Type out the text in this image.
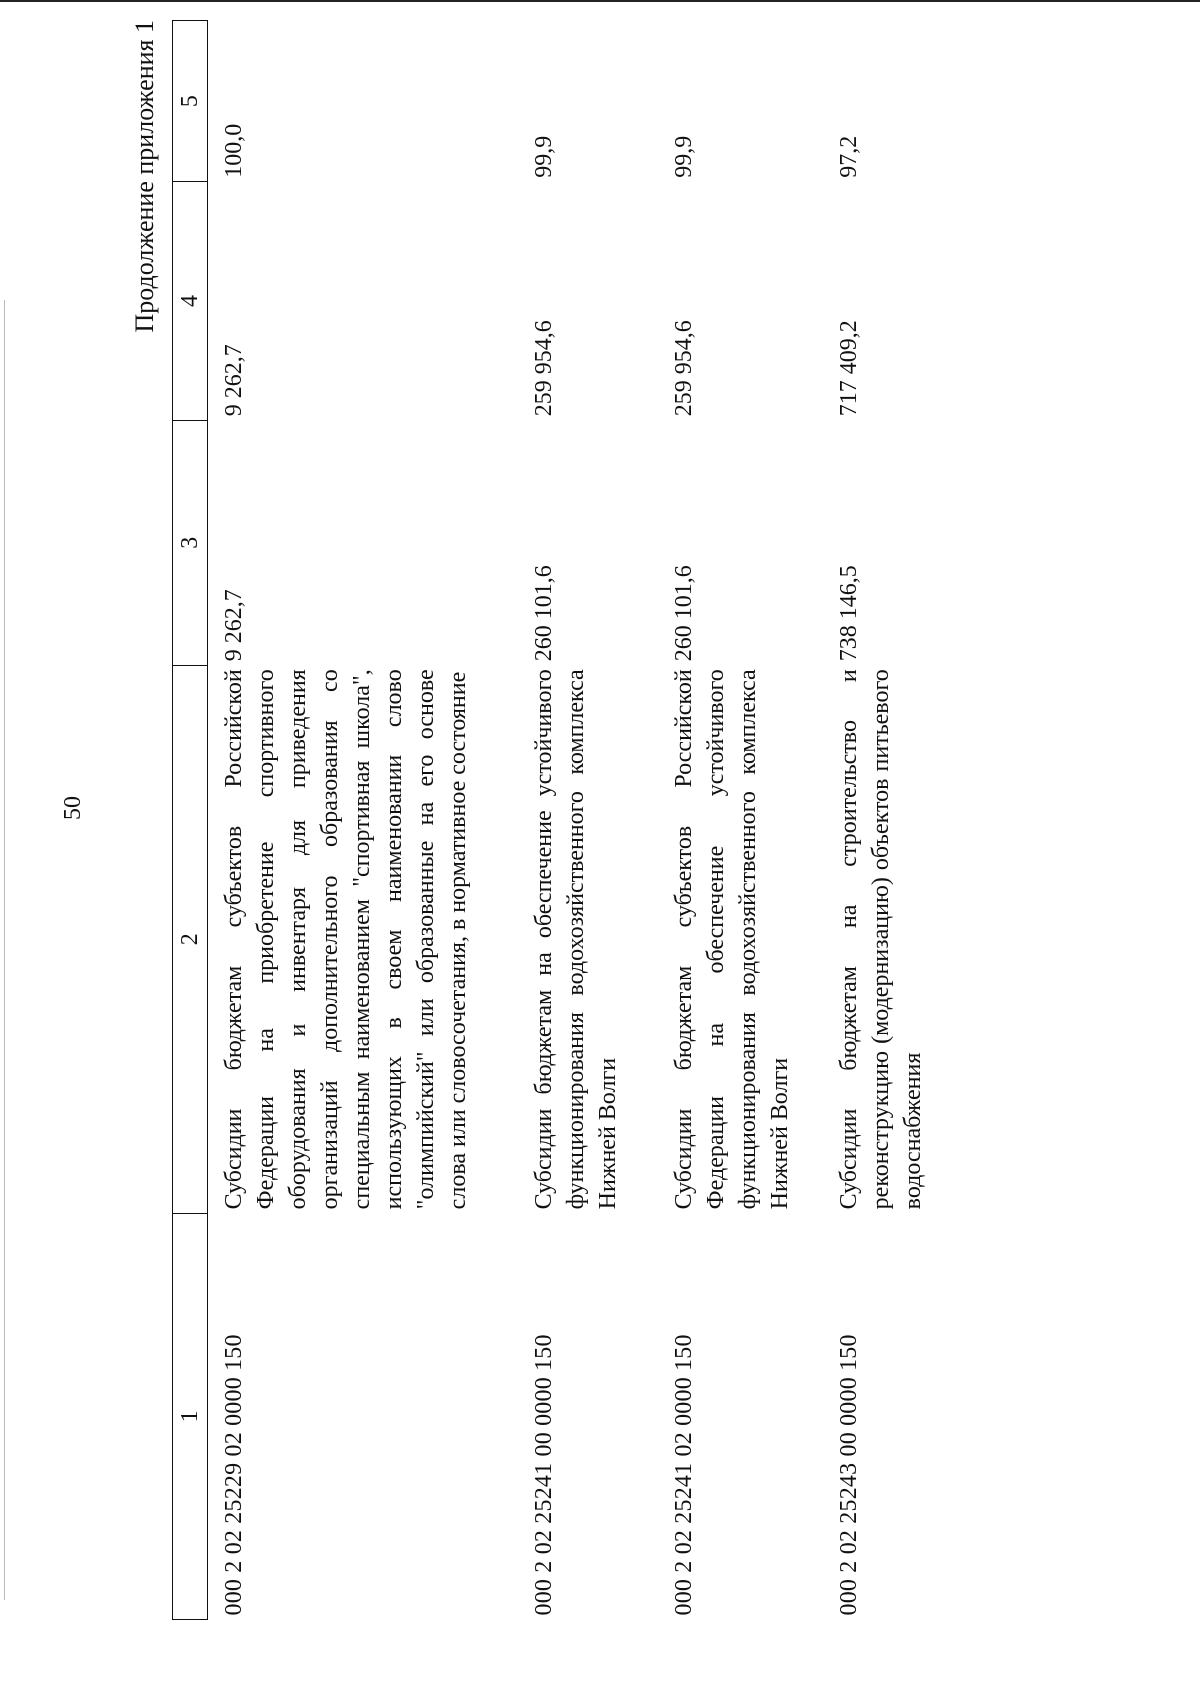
50
Продолжение приложения 1
1	2	3	4	5
000 2 02 25229 02 0000 150	Субсидии бюджетам субъектов Российской Федерации на приобретение спортивного оборудования и инвентаря для приведения организаций дополнительного образования со специальным наименованием "спортивная школа", использующих в своем наименовании слово "олимпийский" или образованные на его основе слова или словосочетания, в нормативное состояние	9 262,7	9 262,7	100,0
000 2 02 25241 00 0000 150	Субсидии бюджетам на обеспечение устойчивого функционирования водохозяйственного комплекса Нижней Волги	260 101,6	259 954,6	99,9
000 2 02 25241 02 0000 150	Субсидии бюджетам субъектов Российской Федерации на обеспечение устойчивого функционирования водохозяйственного комплекса Нижней Волги	260 101,6	259 954,6	99,9
000 2 02 25243 00 0000 150	Субсидии бюджетам на строительство и реконструкцию (модернизацию) объектов питьевого водоснабжения	738 146,5	717 409,2	97,2
